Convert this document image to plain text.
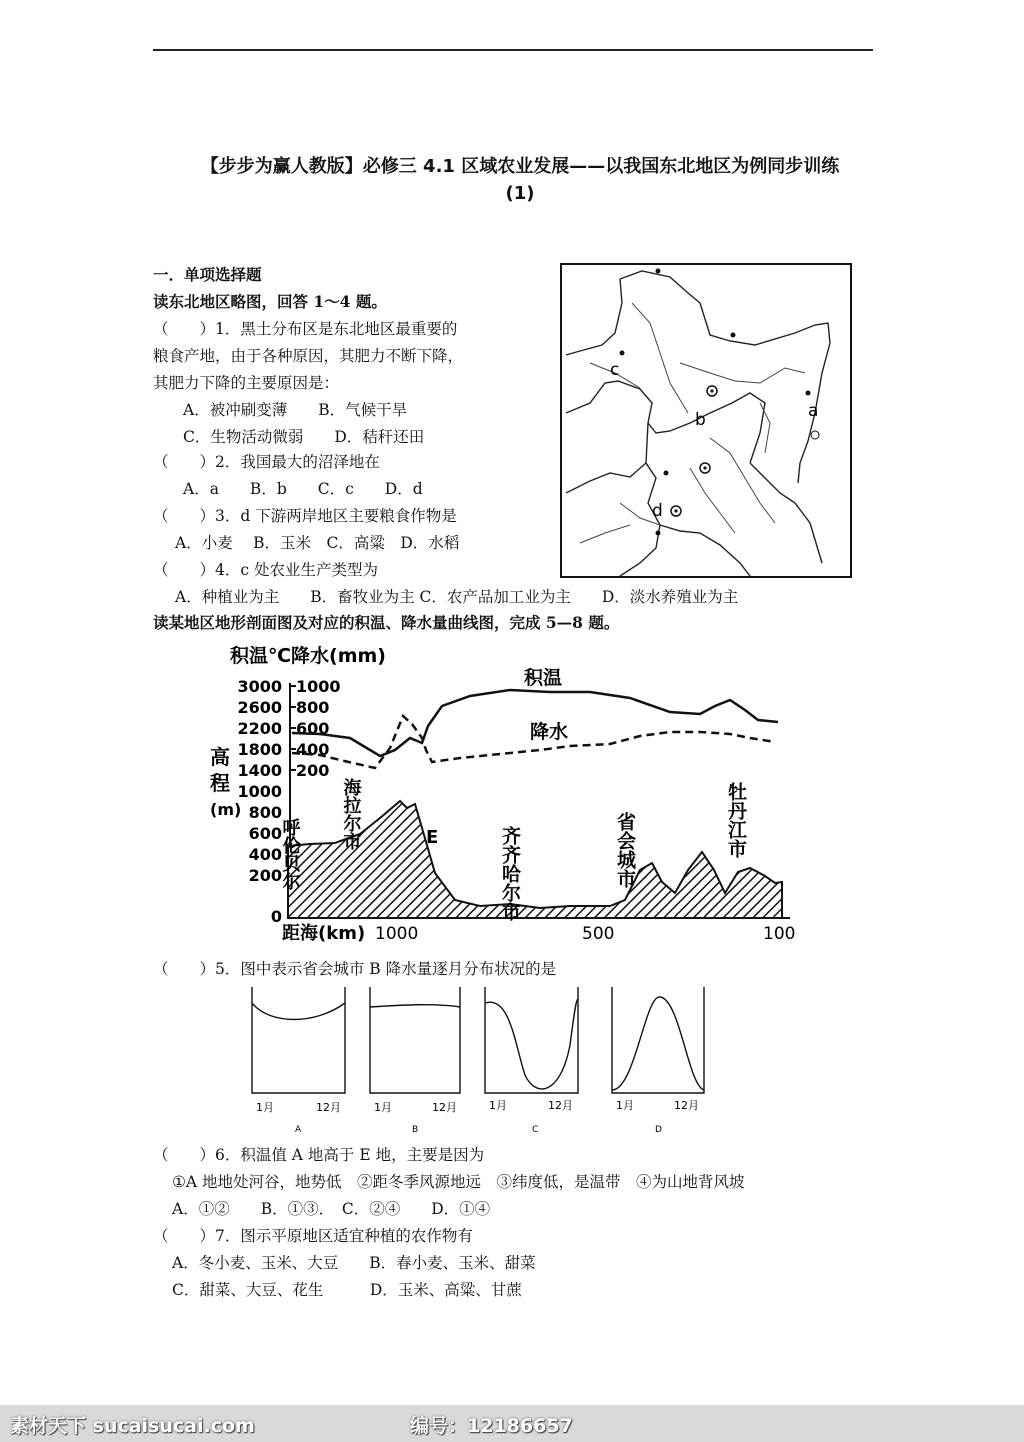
【步步为赢人教版】必修三 4.1 区域农业发展——以我国东北地区为例同步训练
(1)
一．单项选择题
读东北地区略图，回答 1～4 题。
（　　）1．黑土分布区是东北地区最重要的
粮食产地，由于各种原因，其肥力不断下降，
其肥力下降的主要原因是：
A．被冲刷变薄　　B．气候干旱
C．生物活动微弱　　D．秸秆还田
（　　）2．我国最大的沼泽地在
A．a　　B．b　　C．c　　D．d
（　　）3．d 下游两岸地区主要粮食作物是
A．小麦　 B．玉米　C．高粱　D．水稻
（　　）4．c 处农业生产类型为
A．种植业为主　　B．畜牧业为主 C．农产品加工业为主　　D．淡水养殖业为主
读某地区地形剖面图及对应的积温、降水量曲线图，完成 5—8 题。
a
b
c
d
积温℃降水(mm)
3000
2600
2200
1800
1400
1000
800
600
400
200
0
1000
800
600
400
200
高
程
(m)
积温
降水
呼伦贝尔
海拉尔市	E	齐齐哈尔市	省会城市	牡丹江市
距海(km) 1000	500	100
（　　）5．图中表示省会城市 B 降水量逐月分布状况的是
1月	12月	1月	12月	1月	12月	1月	12月
A	B	C	D
（　　）6．积温值 A 地高于 E 地，主要是因为
①A 地地处河谷，地势低　②距冬季风源地远　③纬度低，是温带　④为山地背风坡
A．①②　　B．①③．　C．②④　　D．①④
（　　）7．图示平原地区适宜种植的农作物有
A．冬小麦、玉米、大豆　　B．春小麦、玉米、甜菜
C．甜菜、大豆、花生　　　D．玉米、高粱、甘蔗
素材天下 sucaisucai.com	编号：12186657
